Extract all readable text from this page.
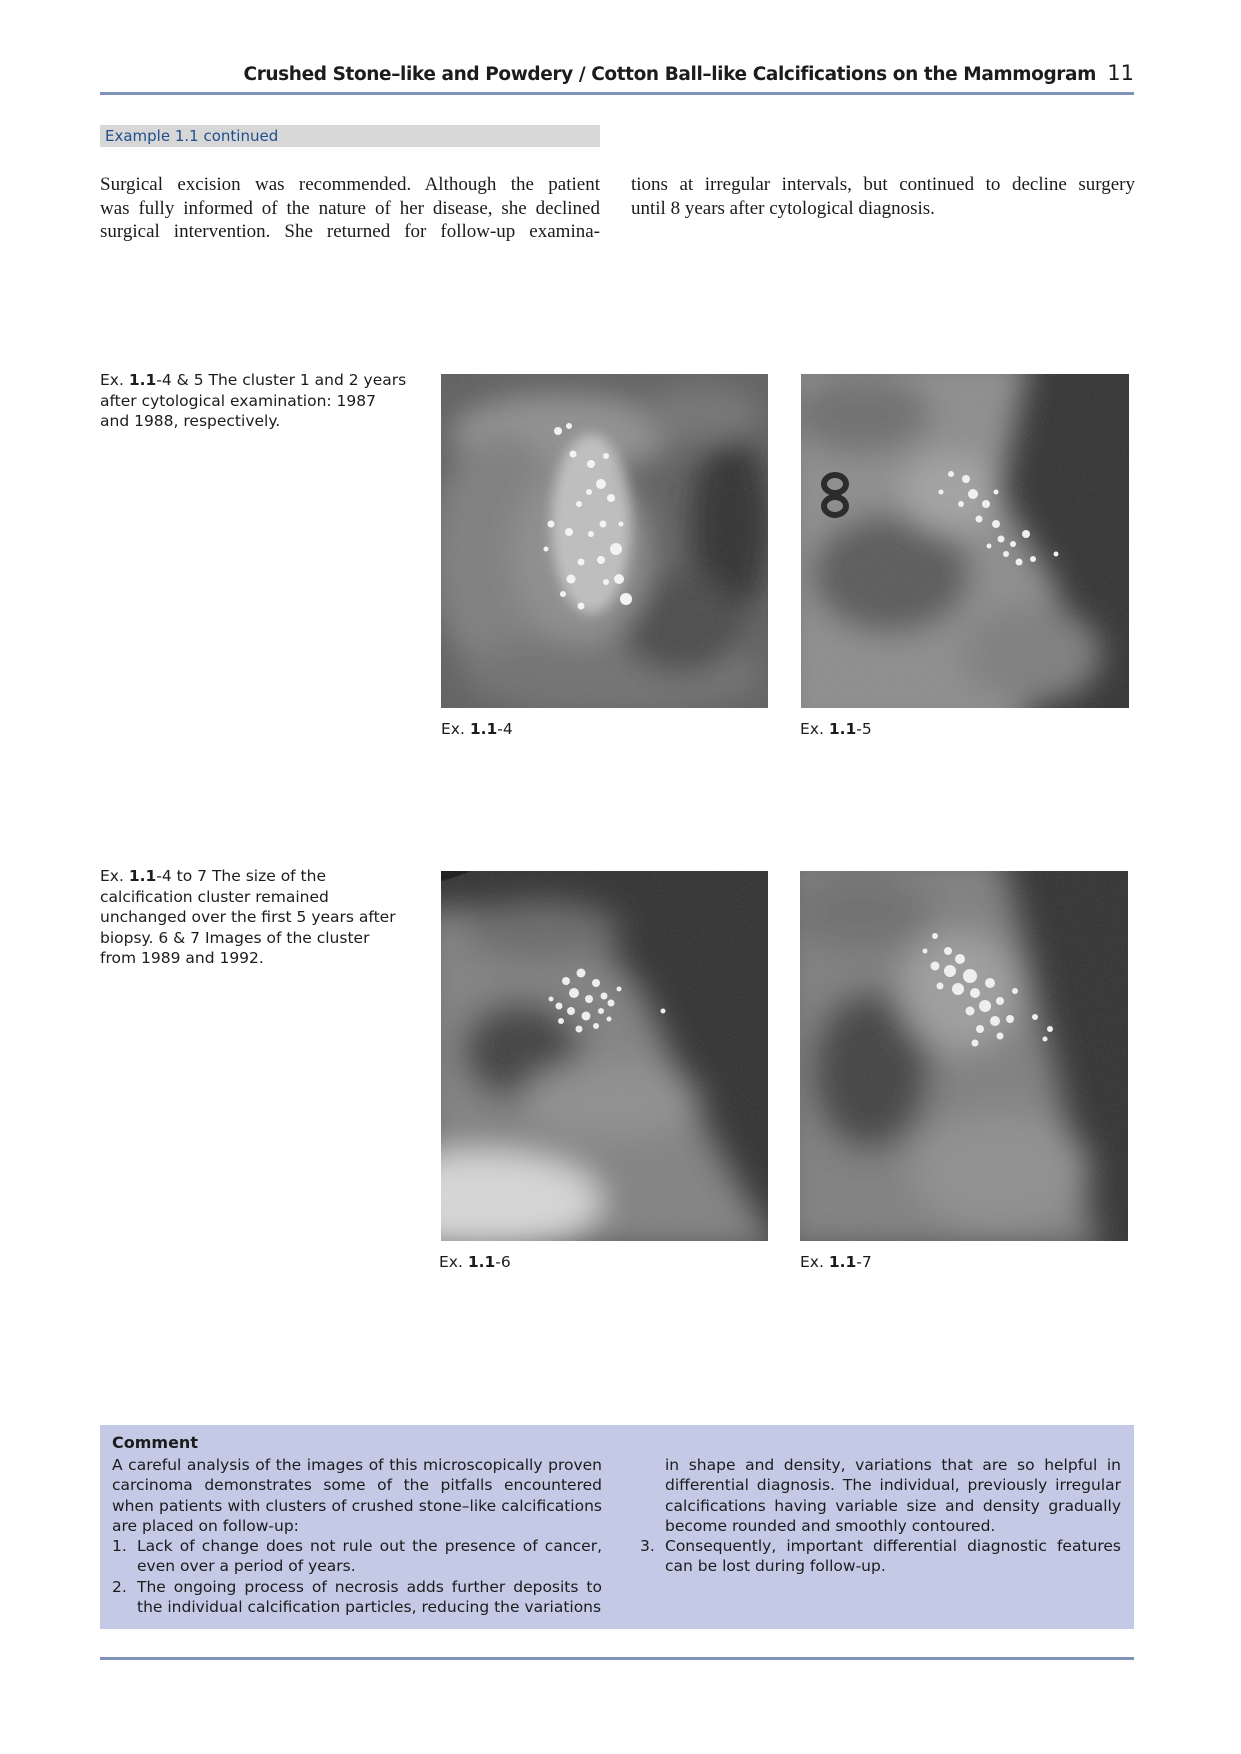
Crushed Stone–like and Powdery / Cotton Ball–like Calcifications on the Mammogram 11
Example 1.1 continued
Surgical excision was recommended. Although the patient
was fully informed of the nature of her disease, she declined
surgical intervention. She returned for follow-up examina-
tions at irregular intervals, but continued to decline surgery
until 8 years after cytological diagnosis.
Ex. 1.1-4 & 5 The cluster 1 and 2 years after cytological examination: 1987 and 1988, respectively.
Ex. 1.1-4	Ex. 1.1-5
Ex. 1.1-4 to 7 The size of the calcification cluster remained unchanged over the first 5 years after biopsy. 6 & 7 Images of the cluster from 1989 and 1992.
Ex. 1.1-6	Ex. 1.1-7
Comment
A careful analysis of the images of this microscopically proven carcinoma demonstrates some of the pitfalls encountered when patients with clusters of crushed stone–like calcifications are placed on follow-up:
1. Lack of change does not rule out the presence of cancer, even over a period of years.
2. The ongoing process of necrosis adds further deposits to the individual calcification particles, reducing the variations
in shape and density, variations that are so helpful in differential diagnosis. The individual, previously irregular calcifications having variable size and density gradually become rounded and smoothly contoured.
3. Consequently, important differential diagnostic features can be lost during follow-up.
